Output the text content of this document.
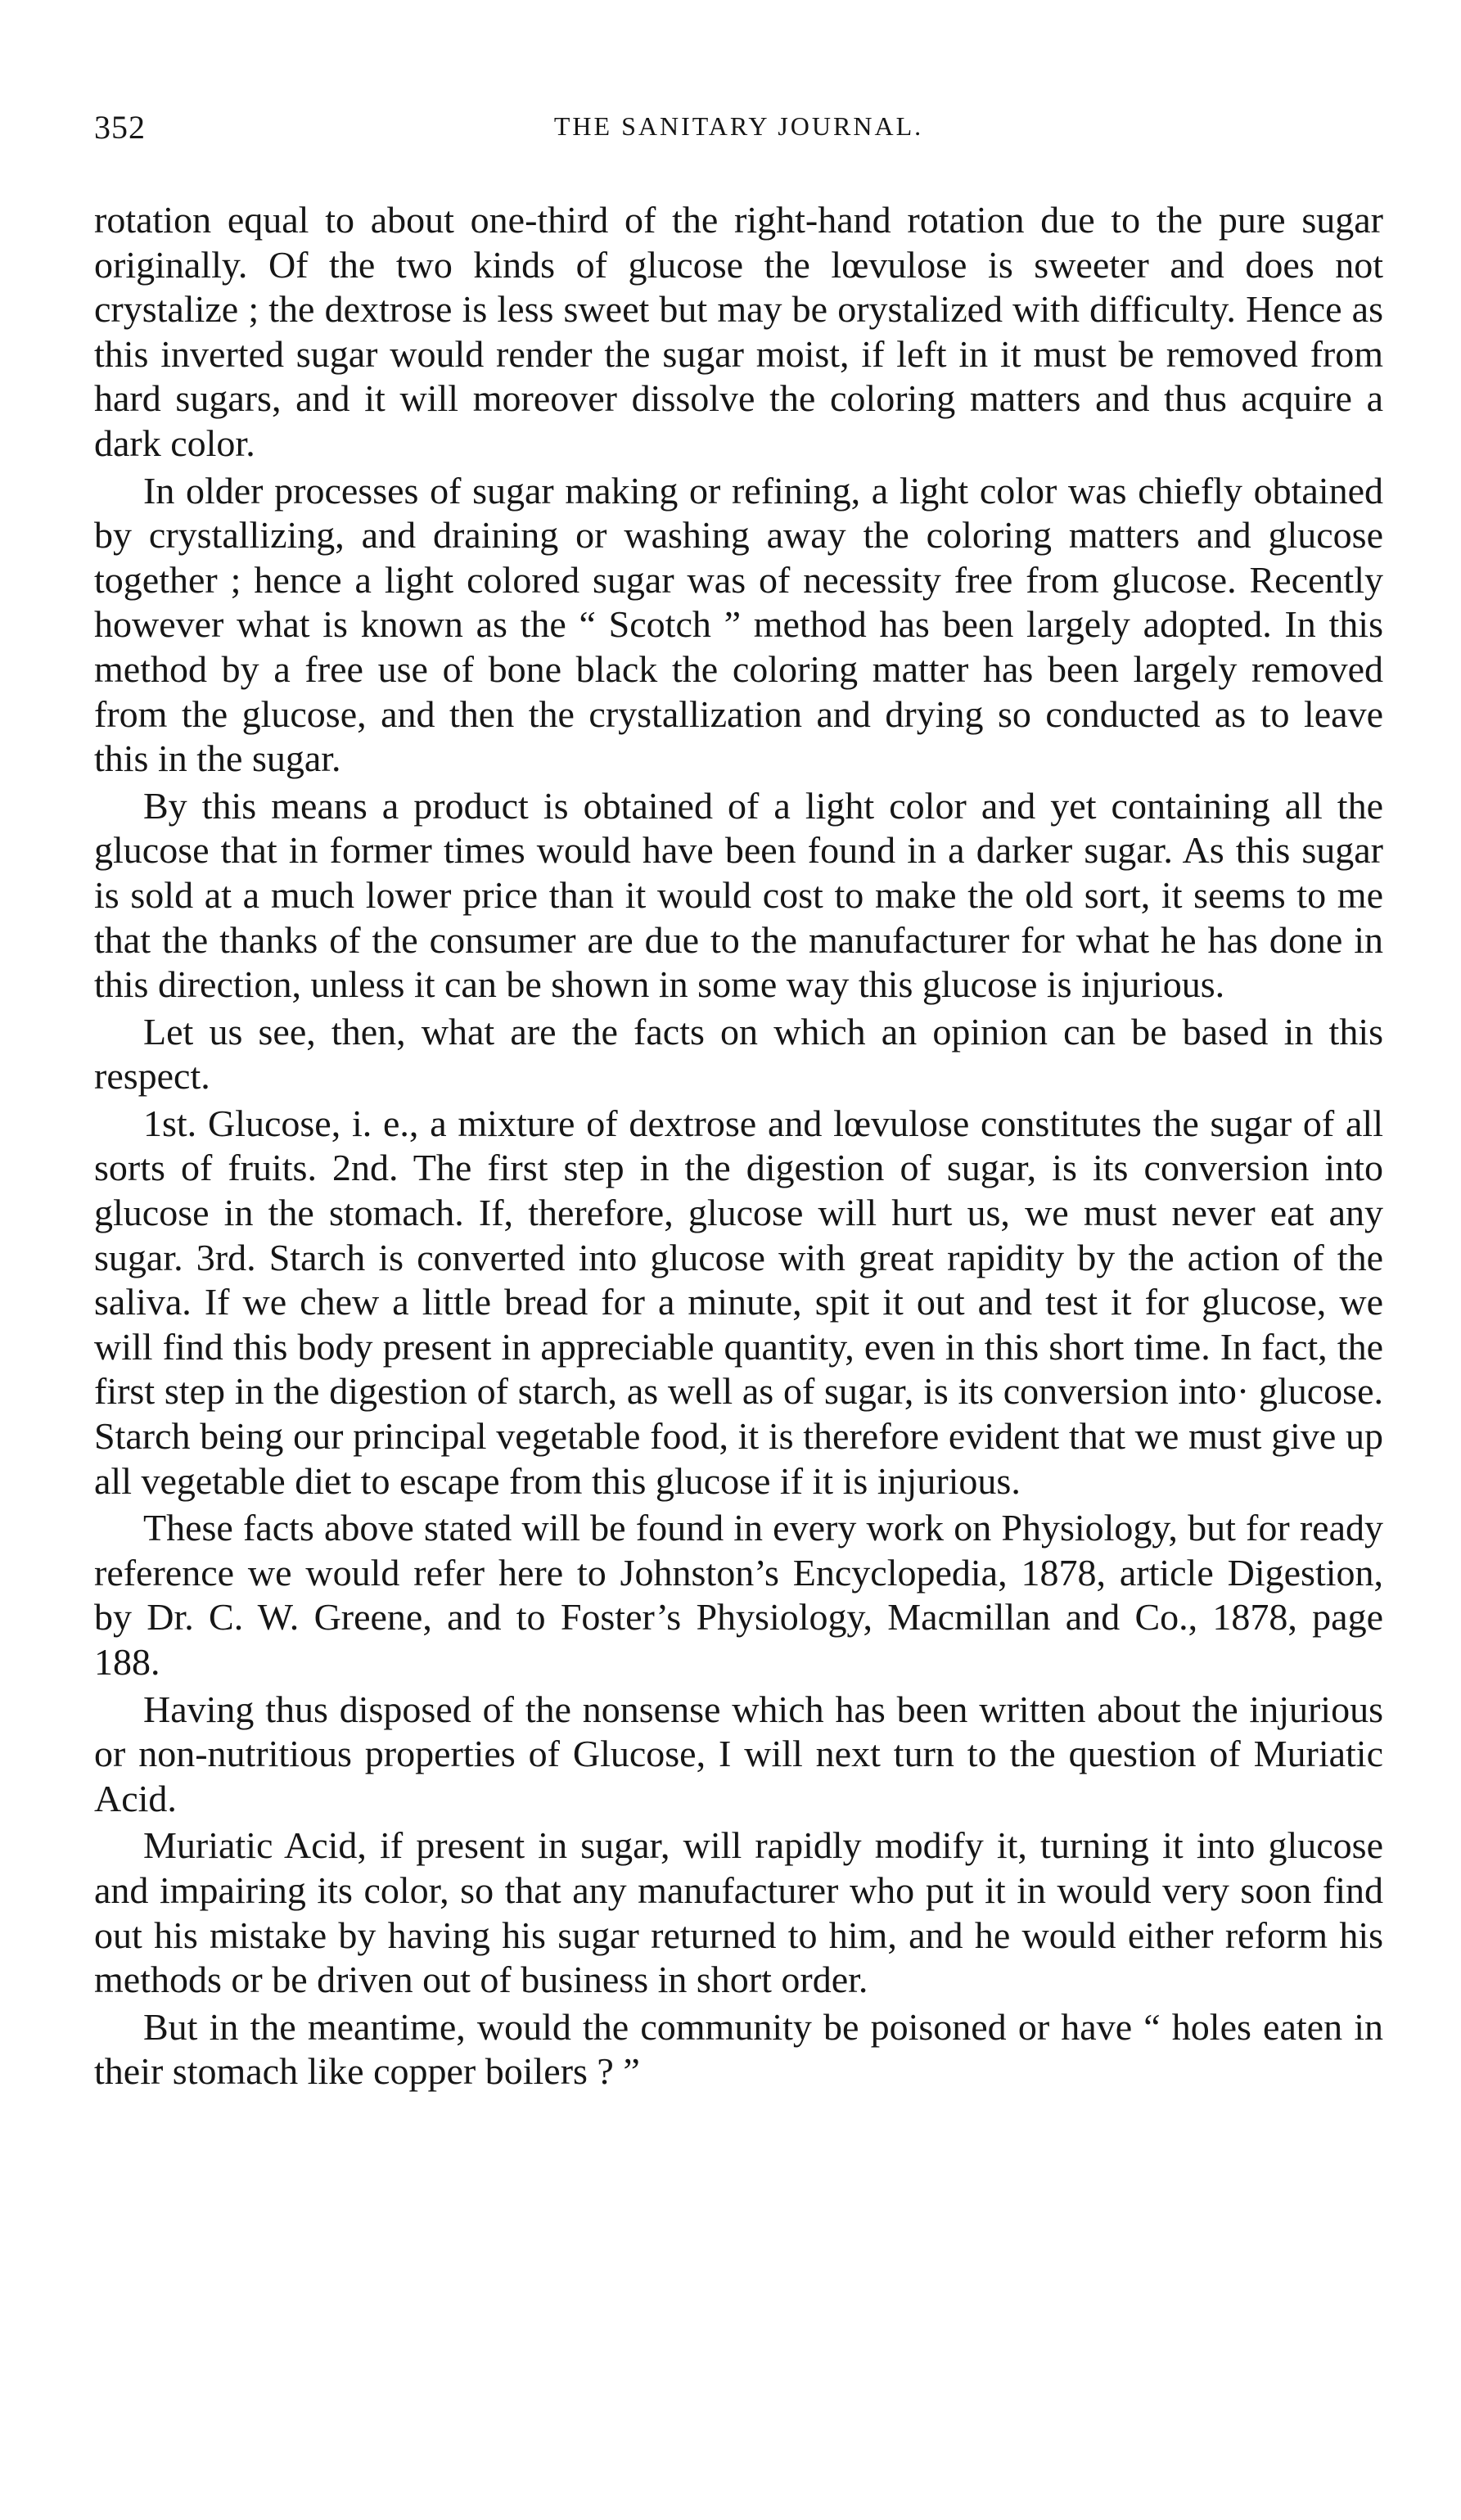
352	THE SANITARY JOURNAL.

rotation equal to about one-third of the right-hand rotation due to the pure sugar originally. Of the two kinds of glucose the lœvulose is sweeter and does not crystalize ; the dextrose is less sweet but may be orystalized with difficulty. Hence as this inverted sugar would render the sugar moist, if left in it must be removed from hard sugars, and it will moreover dissolve the coloring matters and thus acquire a dark color.

In older processes of sugar making or refining, a light color was chiefly obtained by crystallizing, and draining or washing away the coloring matters and glucose together ; hence a light colored sugar was of necessity free from glucose. Recently however what is known as the “ Scotch ” method has been largely adopted. In this method by a free use of bone black the coloring matter has been largely removed from the glucose, and then the crystallization and drying so conducted as to leave this in the sugar.

By this means a product is obtained of a light color and yet containing all the glucose that in former times would have been found in a darker sugar. As this sugar is sold at a much lower price than it would cost to make the old sort, it seems to me that the thanks of the consumer are due to the manufacturer for what he has done in this direction, unless it can be shown in some way this glucose is injurious.

Let us see, then, what are the facts on which an opinion can be based in this respect.

1st. Glucose, i. e., a mixture of dextrose and lœvulose constitutes the sugar of all sorts of fruits. 2nd. The first step in the digestion of sugar, is its conversion into glucose in the stomach. If, therefore, glucose will hurt us, we must never eat any sugar. 3rd. Starch is converted into glucose with great rapidity by the action of the saliva. If we chew a little bread for a minute, spit it out and test it for glucose, we will find this body present in appreciable quantity, even in this short time. In fact, the first step in the digestion of starch, as well as of sugar, is its conversion into· glucose. Starch being our principal vegetable food, it is therefore evident that we must give up all vegetable diet to escape from this glucose if it is injurious.

These facts above stated will be found in every work on Physiology, but for ready reference we would refer here to Johnston’s Encyclopedia, 1878, article Digestion, by Dr. C. W. Greene, and to Foster’s Physiology, Macmillan and Co., 1878, page 188.

Having thus disposed of the nonsense which has been written about the injurious or non-nutritious properties of Glucose, I will next turn to the question of Muriatic Acid.

Muriatic Acid, if present in sugar, will rapidly modify it, turning it into glucose and impairing its color, so that any manufacturer who put it in would very soon find out his mistake by having his sugar returned to him, and he would either reform his methods or be driven out of business in short order.

But in the meantime, would the community be poisoned or have “ holes eaten in their stomach like copper boilers ? ”
